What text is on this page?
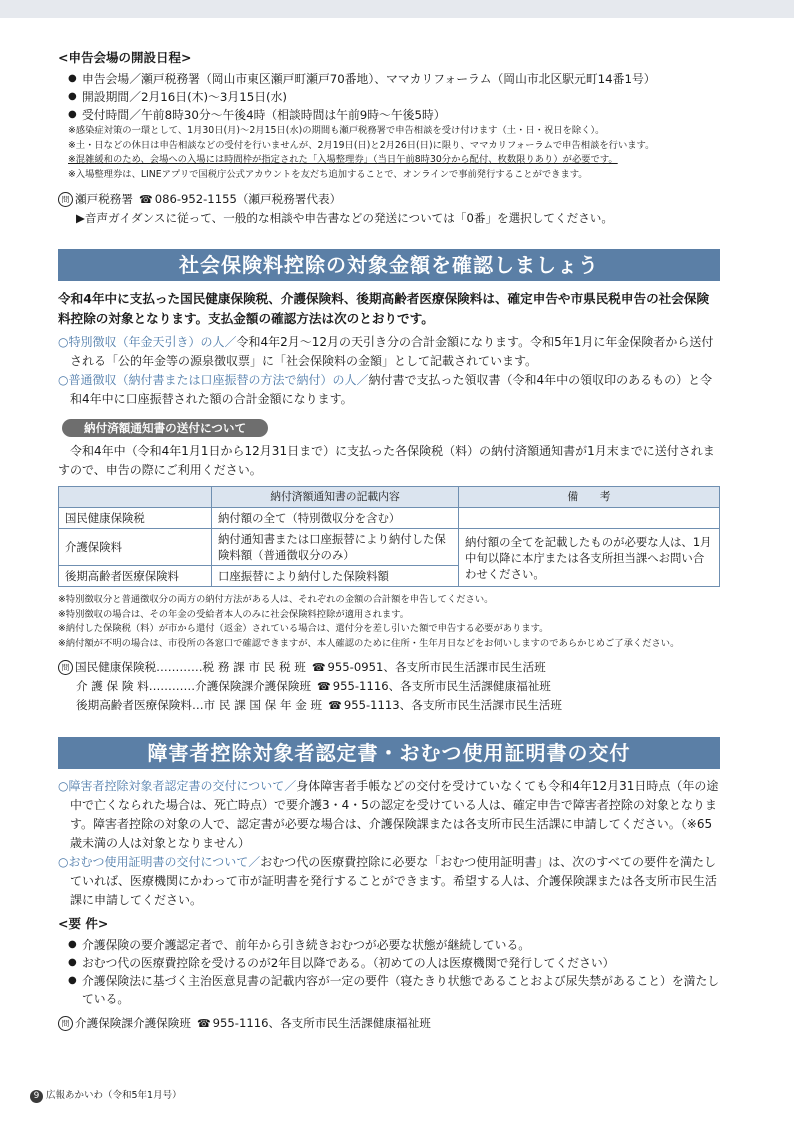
<申告会場の開設日程>
● 申告会場／瀬戸税務署（岡山市東区瀬戸町瀬戸70番地）、ママカリフォーラム（岡山市北区駅元町14番1号）
● 開設期間／2月16日(木)～3月15日(水)
● 受付時間／午前8時30分～午後4時（相談時間は午前9時～午後5時）
※感染症対策の一環として、1月30日(月)～2月15日(水)の期間も瀬戸税務署で申告相談を受け付けます（土・日・祝日を除く）。
※土・日などの休日は申告相談などの受付を行いませんが、2月19日(日)と2月26日(日)に限り、ママカリフォーラムで申告相談を行います。
※混雑緩和のため、会場への入場には時間枠が指定された「入場整理券」（当日午前8時30分から配付、枚数限りあり）が必要です。
※入場整理券は、LINEアプリで国税庁公式アカウントを友だち追加することで、オンラインで事前発行することができます。
問 瀬戸税務署 ☎ 086-952-1155（瀬戸税務署代表）
▶音声ガイダンスに従って、一般的な相談や申告書などの発送については「0番」を選択してください。
社会保険料控除の対象金額を確認しましょう
令和4年中に支払った国民健康保険税、介護保険料、後期高齢者医療保険料は、確定申告や市県民税申告の社会保険料控除の対象となります。支払金額の確認方法は次のとおりです。
○特別徴収（年金天引き）の人／令和4年2月～12月の天引き分の合計金額になります。令和5年1月に年金保険者から送付される「公的年金等の源泉徴収票」に「社会保険料の金額」として記載されています。
○普通徴収（納付書または口座振替の方法で納付）の人／納付書で支払った領収書（令和4年中の領収印のあるもの）と令和4年中に口座振替された額の合計金額になります。
納付済額通知書の送付について
令和4年中（令和4年1月1日から12月31日まで）に支払った各保険税（料）の納付済額通知書が1月末までに送付されますので、申告の際にご利用ください。
	納付済額通知書の記載内容	備　　考
国民健康保険税	納付額の全て（特別徴収分を含む）	
介護保険料	納付通知書または口座振替により納付した保険料額（普通徴収分のみ）	納付額の全てを記載したものが必要な人は、1月中旬以降に本庁または各支所担当課へお問い合わせください。
後期高齢者医療保険料	口座振替により納付した保険料額	
※特別徴収分と普通徴収分の両方の納付方法がある人は、それぞれの金額の合計額を申告してください。
※特別徴収の場合は、その年金の受給者本人のみに社会保険料控除が適用されます。
※納付した保険税（料）が市から還付（返金）されている場合は、還付分を差し引いた額で申告する必要があります。
※納付額が不明の場合は、市役所の各窓口で確認できますが、本人確認のために住所・生年月日などをお伺いしますのであらかじめご了承ください。
問 国民健康保険税…………税 務 課 市 民 税 班 ☎ 955-0951、各支所市民生活課市民生活班
介 護 保 険 料…………介護保険課介護保険班 ☎ 955-1116、各支所市民生活課健康福祉班
後期高齢者医療保険料…市 民 課 国 保 年 金 班 ☎ 955-1113、各支所市民生活課市民生活班
障害者控除対象者認定書・おむつ使用証明書の交付
○障害者控除対象者認定書の交付について／身体障害者手帳などの交付を受けていなくても令和4年12月31日時点（年の途中で亡くなられた場合は、死亡時点）で要介護3・4・5の認定を受けている人は、確定申告で障害者控除の対象となります。障害者控除の対象の人で、認定書が必要な場合は、介護保険課または各支所市民生活課に申請してください。（※65歳未満の人は対象となりません）
○おむつ使用証明書の交付について／おむつ代の医療費控除に必要な「おむつ使用証明書」は、次のすべての要件を満たしていれば、医療機関にかわって市が証明書を発行することができます。希望する人は、介護保険課または各支所市民生活課に申請してください。
<要 件>
● 介護保険の要介護認定者で、前年から引き続きおむつが必要な状態が継続している。
● おむつ代の医療費控除を受けるのが2年目以降である。（初めての人は医療機関で発行してください）
● 介護保険法に基づく主治医意見書の記載内容が一定の要件（寝たきり状態であることおよび尿失禁があること）を満たしている。
問 介護保険課介護保険班 ☎ 955-1116、各支所市民生活課健康福祉班
9 広報あかいわ（令和5年1月号）
